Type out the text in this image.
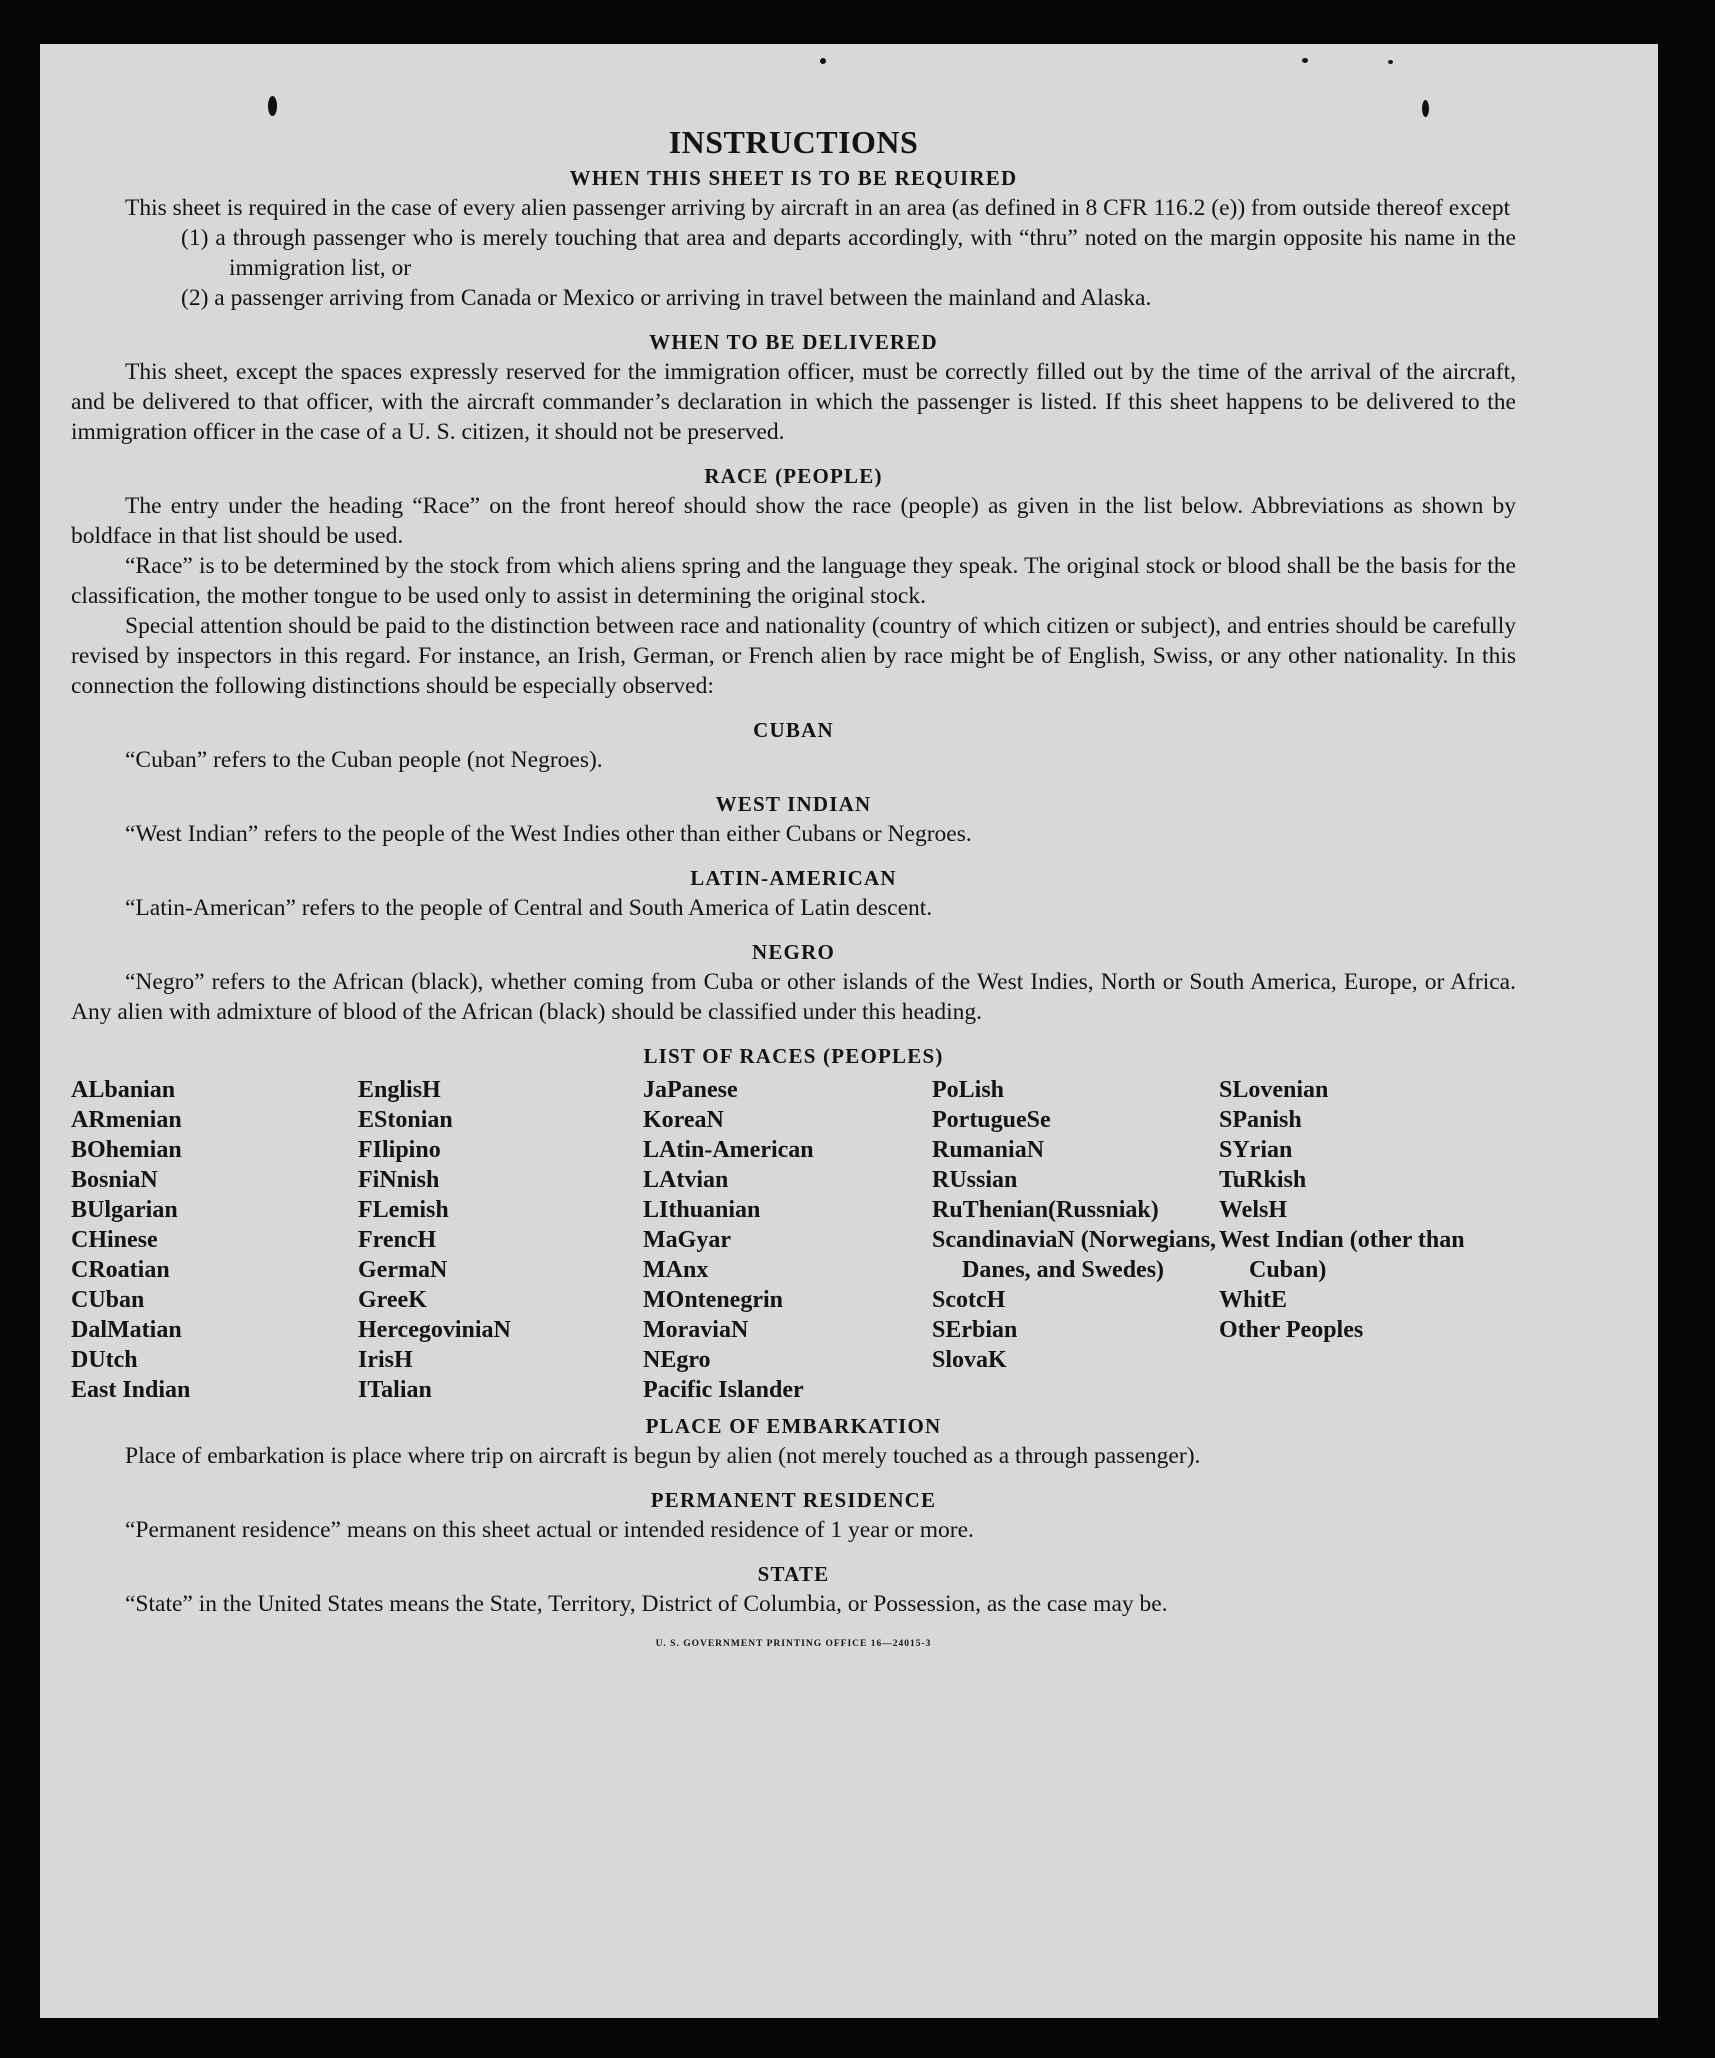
INSTRUCTIONS
WHEN THIS SHEET IS TO BE REQUIRED

This sheet is required in the case of every alien passenger arriving by aircraft in an area (as defined in 8 CFR 116.2 (e)) from outside thereof except

(1) a through passenger who is merely touching that area and departs accordingly, with “thru” noted on the margin opposite his name in the immigration list, or
(2) a passenger arriving from Canada or Mexico or arriving in travel between the mainland and Alaska.
WHEN TO BE DELIVERED

This sheet, except the spaces expressly reserved for the immigration officer, must be correctly filled out by the time of the arrival of the aircraft, and be delivered to that officer, with the aircraft commander’s declaration in which the passenger is listed. If this sheet happens to be delivered to the immigration officer in the case of a U. S. citizen, it should not be preserved.

RACE (PEOPLE)

The entry under the heading “Race” on the front hereof should show the race (people) as given in the list below. Abbreviations as shown by boldface in that list should be used.

“Race” is to be determined by the stock from which aliens spring and the language they speak. The original stock or blood shall be the basis for the classification, the mother tongue to be used only to assist in determining the original stock.

Special attention should be paid to the distinction between race and nationality (country of which citizen or subject), and entries should be carefully revised by inspectors in this regard. For instance, an Irish, German, or French alien by race might be of English, Swiss, or any other nationality. In this connection the following distinctions should be especially observed:

CUBAN

“Cuban” refers to the Cuban people (not Negroes).

WEST INDIAN

“West Indian” refers to the people of the West Indies other than either Cubans or Negroes.

LATIN-AMERICAN

“Latin-American” refers to the people of Central and South America of Latin descent.

NEGRO

“Negro” refers to the African (black), whether coming from Cuba or other islands of the West Indies, North or South America, Europe, or Africa. Any alien with admixture of blood of the African (black) should be classified under this heading.

LIST OF RACES (PEOPLES)
ALbanian
ARmenian
BOhemian
BosniaN
BUlgarian
CHinese
CRoatian
CUban
DalMatian
DUtch
East Indian
EnglisH
EStonian
FIlipino
FiNnish
FLemish
FrencH
GermaN
GreeK
HercegoviniaN
IrisH
ITalian
JaPanese
KoreaN
LAtin-American
LAtvian
LIthuanian
MaGyar
MAnx
MOntenegrin
MoraviaN
NEgro
Pacific Islander
PoLish
PortugueSe
RumaniaN
RUssian
RuThenian(Russniak)
ScandinaviaN (Norwegians, Danes, and Swedes)
ScotcH
SErbian
SlovaK
SLovenian
SPanish
SYrian
TuRkish
WelsH
West Indian (other than Cuban)
WhitE
Other Peoples
PLACE OF EMBARKATION

Place of embarkation is place where trip on aircraft is begun by alien (not merely touched as a through passenger).

PERMANENT RESIDENCE

“Permanent residence” means on this sheet actual or intended residence of 1 year or more.

STATE

“State” in the United States means the State, Territory, District of Columbia, or Possession, as the case may be.

U. S. GOVERNMENT PRINTING OFFICE 16—24015-3
